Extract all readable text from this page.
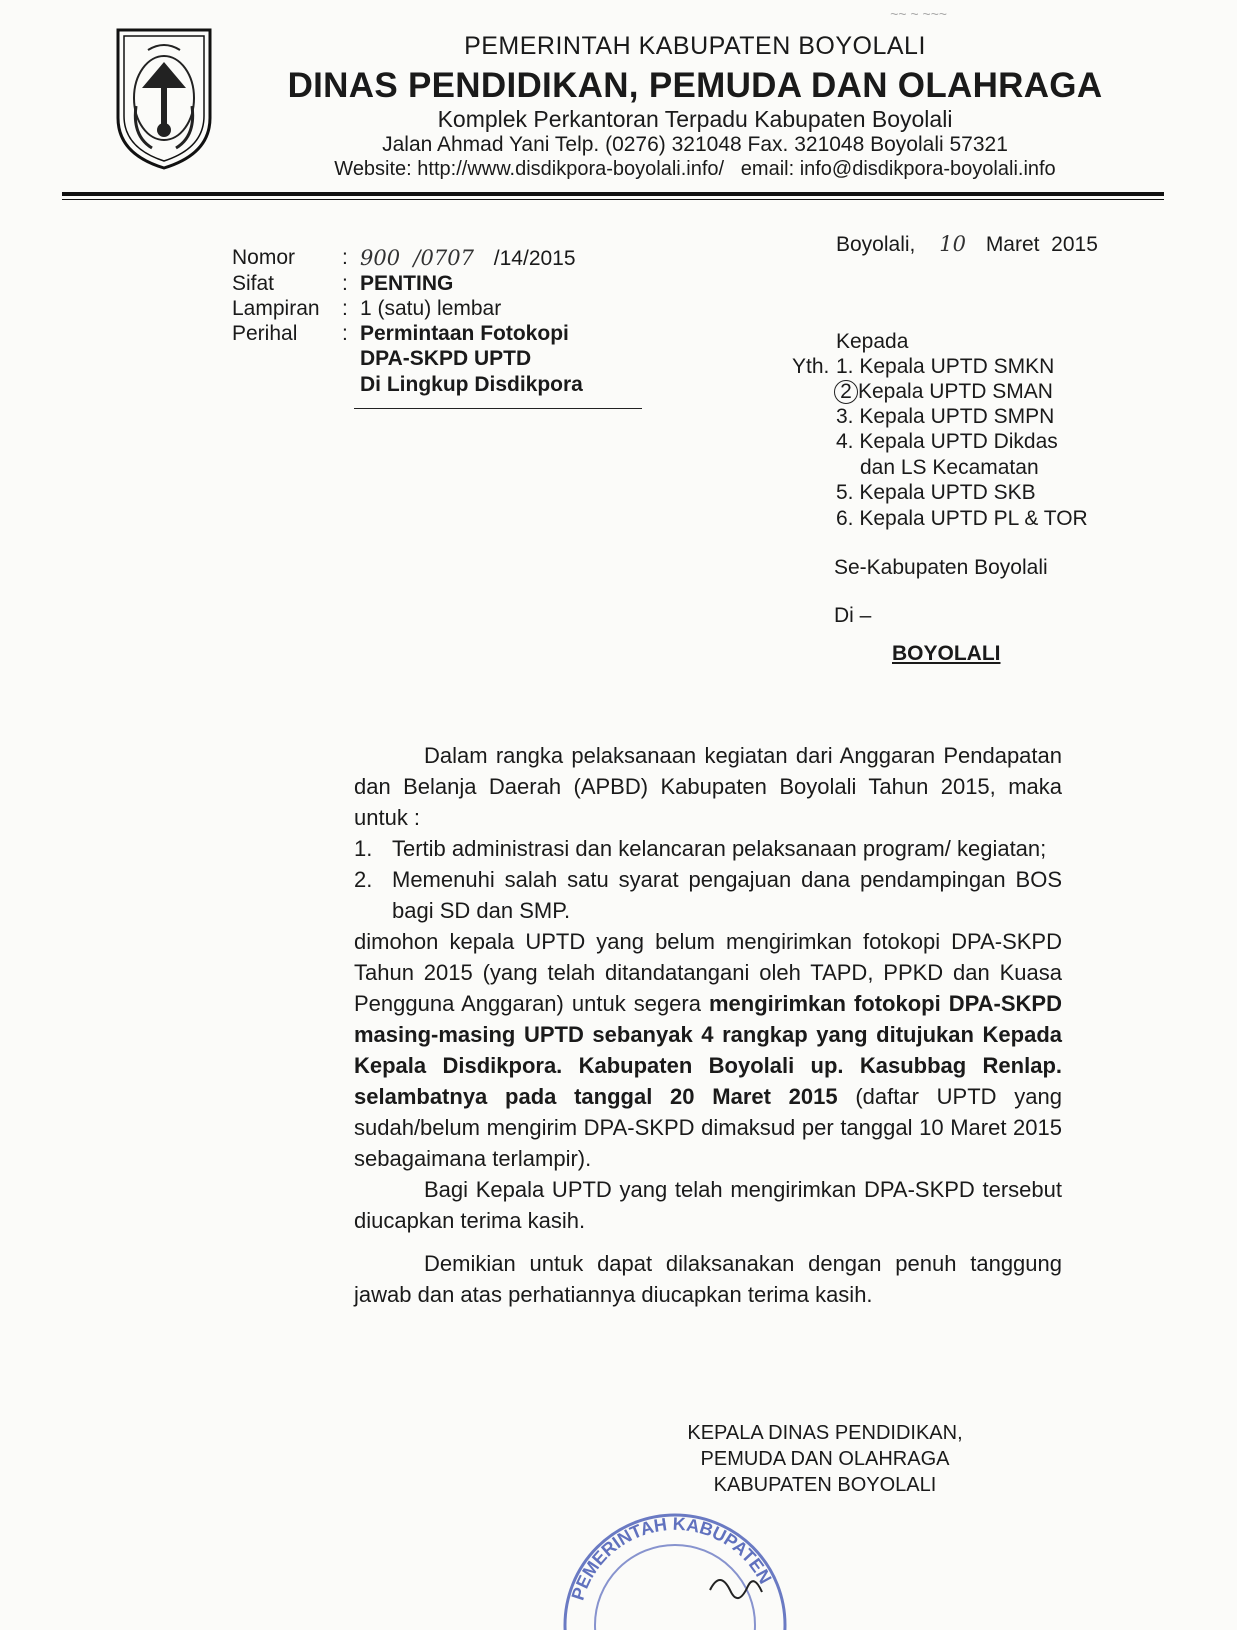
~~ ~ ~~~
PEMERINTAH KABUPATEN BOYOLALI
DINAS PENDIDIKAN, PEMUDA DAN OLAHRAGA
Komplek Perkantoran Terpadu Kabupaten Boyolali
Jalan Ahmad Yani Telp. (0276) 321048 Fax. 321048 Boyolali 57321
Website: http://www.disdikpora-boyolali.info/   email: info@disdikpora-boyolali.info
Boyolali, 10 Maret  2015
Nomor : 900  /0707 /14/2015
Sifat	: PENTING
Lampiran : 1 (satu) lembar
Perihal : Permintaan Fotokopi
DPA-SKPD UPTD
Di Lingkup Disdikpora
Kepada
Yth. 1. Kepala UPTD SMKN
2 Kepala UPTD SMAN
3. Kepala UPTD SMPN
4. Kepala UPTD Dikdas
dan LS Kecamatan
5. Kepala UPTD SKB
6. Kepala UPTD PL & TOR
Se-Kabupaten Boyolali
Di –
BOYOLALI
Dalam rangka pelaksanaan kegiatan dari Anggaran Pendapatan dan Belanja Daerah (APBD) Kabupaten Boyolali Tahun 2015, maka untuk :
1. Tertib administrasi dan kelancaran pelaksanaan program/ kegiatan;
2. Memenuhi salah satu syarat pengajuan dana pendampingan BOS bagi SD dan SMP.
dimohon kepala UPTD yang belum mengirimkan fotokopi DPA-SKPD Tahun 2015 (yang telah ditandatangani oleh TAPD, PPKD dan Kuasa Pengguna Anggaran) untuk segera mengirimkan fotokopi DPA-SKPD masing-masing UPTD sebanyak 4 rangkap yang ditujukan Kepada Kepala Disdikpora. Kabupaten Boyolali up. Kasubbag Renlap. selambatnya pada tanggal 20 Maret 2015 (daftar UPTD yang sudah/belum mengirim DPA-SKPD dimaksud per tanggal 10 Maret 2015 sebagaimana terlampir).
Bagi Kepala UPTD yang telah mengirimkan DPA-SKPD tersebut diucapkan terima kasih.
Demikian untuk dapat dilaksanakan dengan penuh tanggung jawab dan atas perhatiannya diucapkan terima kasih.
KEPALA DINAS PENDIDIKAN,
PEMUDA DAN OLAHRAGA
KABUPATEN BOYOLALI
PEMERINTAH KABUPATEN
